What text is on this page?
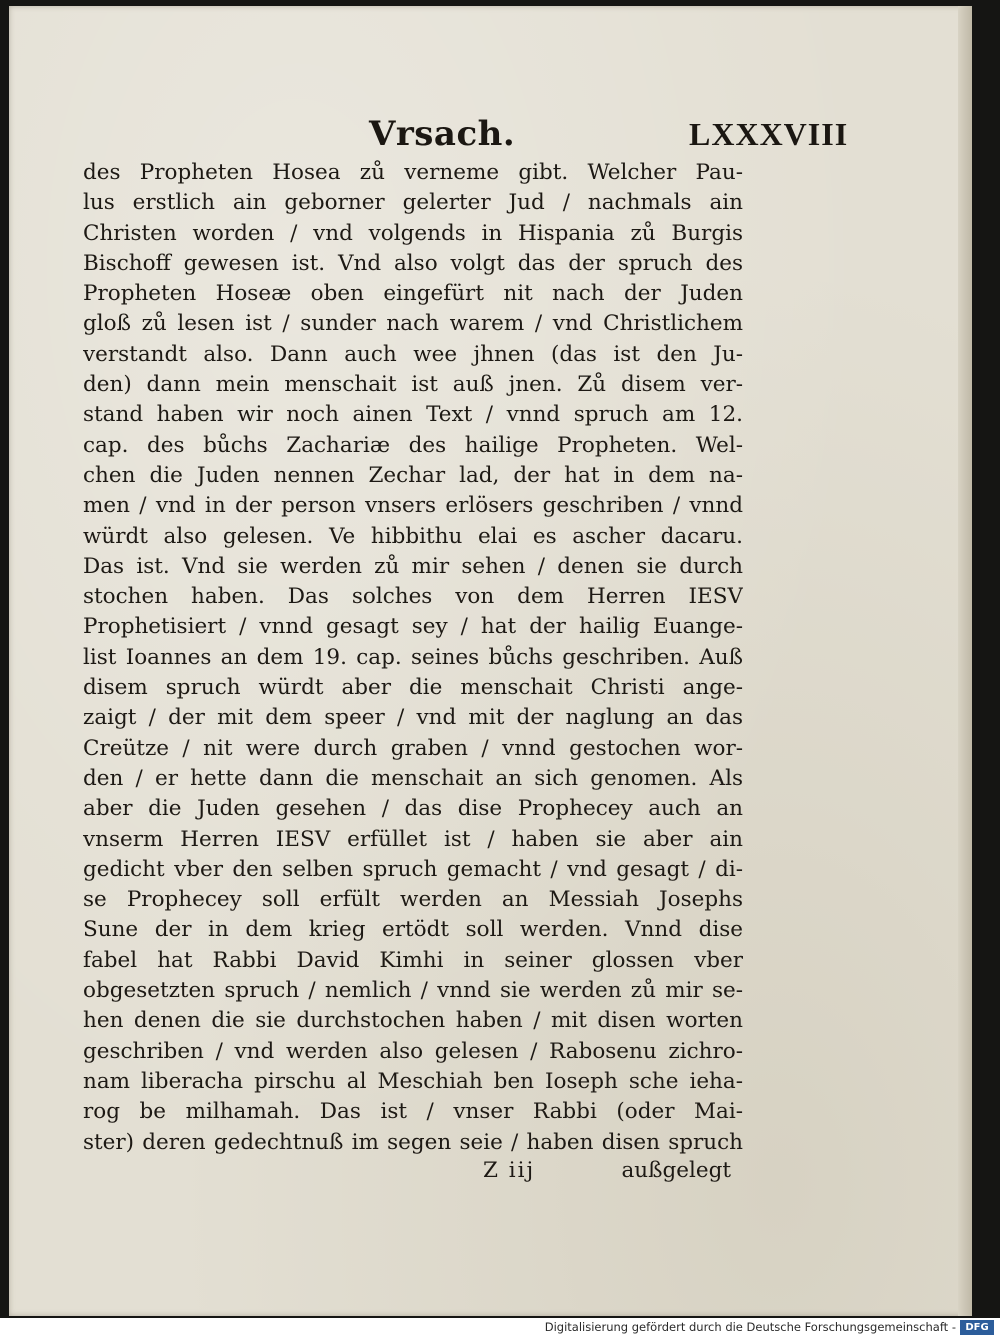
Vrsach.	LXXXVIII
des Propheten Hosea zů verneme gibt. Welcher Pau-
lus erstlich ain geborner gelerter Jud / nachmals ain
Christen worden / vnd volgends in Hispania zů Burgis
Bischoff gewesen ist. Vnd also volgt das der spruch des
Propheten Hoseæ oben eingefürt nit nach der Juden
gloß zů lesen ist / sunder nach warem / vnd Christlichem
verstandt also. Dann auch wee jhnen (das ist den Ju-
den) dann mein menschait ist auß jnen. Zů disem ver-
stand haben wir noch ainen Text / vnnd spruch am 12.
cap. des bůchs Zachariæ des hailige Propheten. Wel-
chen die Juden nennen Zechar lad, der hat in dem na-
men / vnd in der person vnsers erlösers geschriben / vnnd
würdt also gelesen. Ve hibbithu elai es ascher dacaru.
Das ist. Vnd sie werden zů mir sehen / denen sie durch
stochen haben. Das solches von dem Herren IESV
Prophetisiert / vnnd gesagt sey / hat der hailig Euange-
list Ioannes an dem 19. cap. seines bůchs geschriben. Auß
disem spruch würdt aber die menschait Christi ange-
zaigt / der mit dem speer / vnd mit der naglung an das
Creütze / nit were durch graben / vnnd gestochen wor-
den / er hette dann die menschait an sich genomen. Als
aber die Juden gesehen / das dise Prophecey auch an
vnserm Herren IESV erfüllet ist / haben sie aber ain
gedicht vber den selben spruch gemacht / vnd gesagt / di-
se Prophecey soll erfült werden an Messiah Josephs
Sune der in dem krieg ertödt soll werden. Vnnd dise
fabel hat Rabbi David Kimhi in seiner glossen vber
obgesetzten spruch / nemlich / vnnd sie werden zů mir se-
hen denen die sie durchstochen haben / mit disen worten
geschriben / vnd werden also gelesen / Rabosenu zichro-
nam liberacha pirschu al Meschiah ben Ioseph sche ieha-
rog be milhamah. Das ist / vnser Rabbi (oder Mai-
ster) deren gedechtnuß im segen seie / haben disen spruch
Z iij	außgelegt
Digitalisierung gefördert durch die Deutsche Forschungsgemeinschaft - DFG
